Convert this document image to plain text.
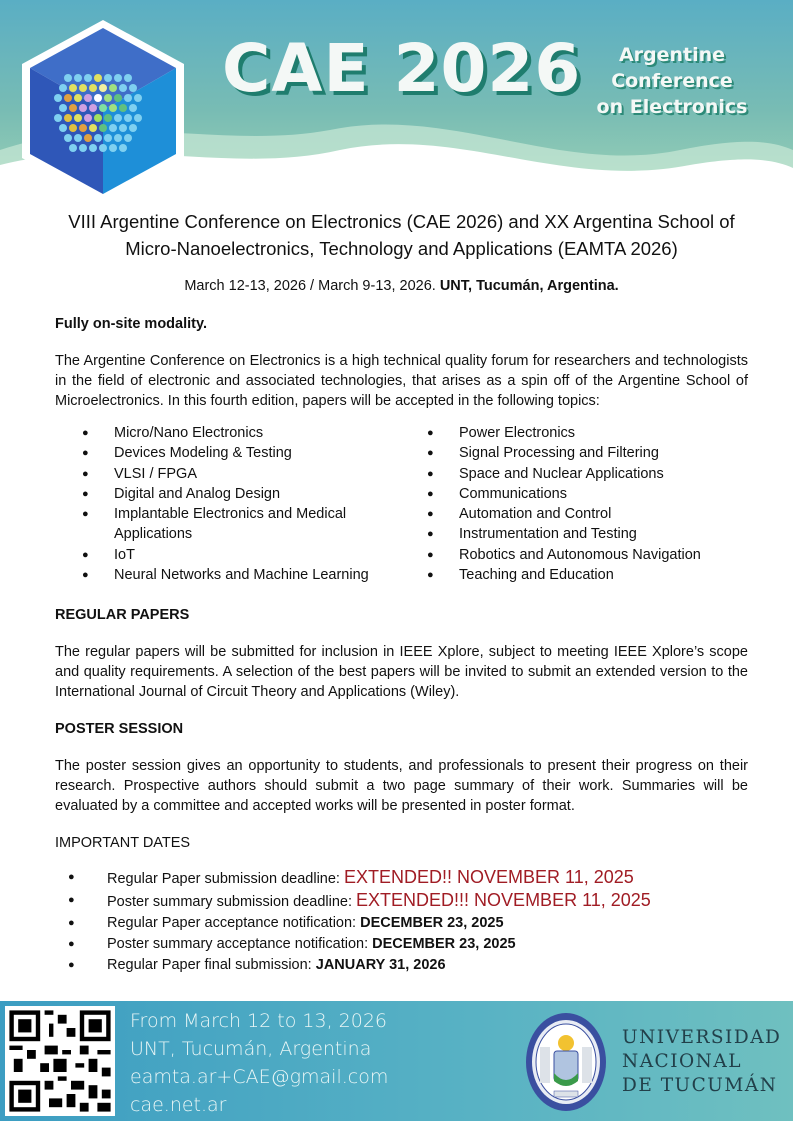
CAE 2026	Argentine Conference
on Electronics
VIII Argentine Conference on Electronics (CAE 2026) and XX Argentina School of
Micro-Nanoelectronics, Technology and Applications (EAMTA 2026)
March 12-13, 2026 / March 9-13, 2026. UNT, Tucumán, Argentina.
Fully on-site modality.
The Argentine Conference on Electronics is a high technical quality forum for researchers and technologists in the field of electronic and associated technologies, that arises as a spin off of the Argentine School of Microelectronics. In this fourth edition, papers will be accepted in the following topics:
● Micro/Nano Electronics
● Devices Modeling & Testing
● VLSI / FPGA
● Digital and Analog Design
● Implantable Electronics and Medical Applications
● IoT
● Neural Networks and Machine Learning
● Power Electronics
● Signal Processing and Filtering
● Space and Nuclear Applications
● Communications
● Automation and Control
● Instrumentation and Testing
● Robotics and Autonomous Navigation
● Teaching and Education
REGULAR PAPERS
The regular papers will be submitted for inclusion in IEEE Xplore, subject to meeting IEEE Xplore’s scope and quality requirements. A selection of the best papers will be invited to submit an extended version to the International Journal of Circuit Theory and Applications (Wiley).
POSTER SESSION
The poster session gives an opportunity to students, and professionals to present their progress on their research. Prospective authors should submit a two page summary of their work. Summaries will be evaluated by a committee and accepted works will be presented in poster format.
IMPORTANT DATES
● Regular Paper submission deadline: EXTENDED!! NOVEMBER 11, 2025
● Poster summary submission deadline: EXTENDED!!! NOVEMBER 11, 2025
● Regular Paper acceptance notification: DECEMBER 23, 2025
● Poster summary acceptance notification: DECEMBER 23, 2025
● Regular Paper final submission: JANUARY 31, 2026
From March 12 to 13, 2026
UNT, Tucumán, Argentina
eamta.ar+CAE@gmail.com
cae.net.ar
UNIVERSIDAD
NACIONAL
DE TUCUMÁN
